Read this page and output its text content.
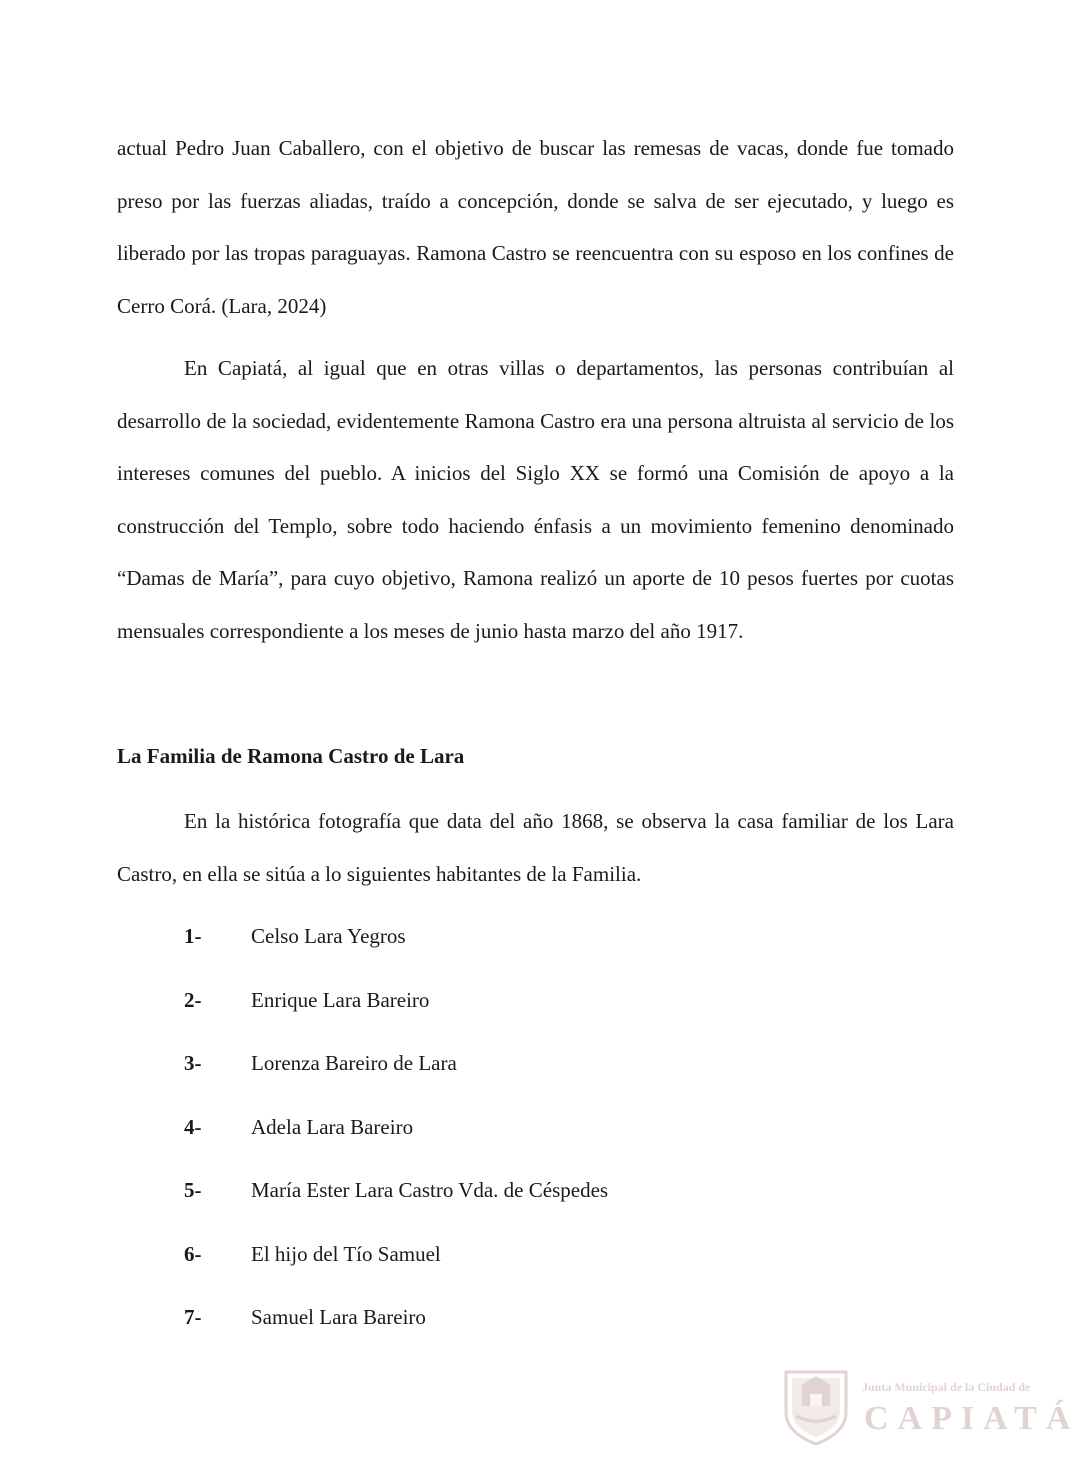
actual Pedro Juan Caballero, con el objetivo de buscar las remesas de vacas, donde fue tomado preso por las fuerzas aliadas, traído a concepción, donde se salva de ser ejecutado, y luego es liberado por las tropas paraguayas. Ramona Castro se reencuentra con su esposo en los confines de Cerro Corá. (Lara, 2024)

En Capiatá, al igual que en otras villas o departamentos, las personas contribuían al desarrollo de la sociedad, evidentemente Ramona Castro era una persona altruista al servicio de los intereses comunes del pueblo. A inicios del Siglo XX se formó una Comisión de apoyo a la construcción del Templo, sobre todo haciendo énfasis a un movimiento femenino denominado “Damas de María”, para cuyo objetivo, Ramona realizó un aporte de 10 pesos fuertes por cuotas mensuales correspondiente a los meses de junio hasta marzo del año 1917.

La Familia de Ramona Castro de Lara

En la histórica fotografía que data del año 1868, se observa la casa familiar de los Lara Castro, en ella se sitúa a lo siguientes habitantes de la Familia.

1-	Celso Lara Yegros
2-	Enrique Lara Bareiro
3-	Lorenza Bareiro de Lara
4-	Adela Lara Bareiro
5-	María Ester Lara Castro Vda. de Céspedes
6-	El hijo del Tío Samuel
7-	Samuel Lara Bareiro
Junta Municipal de la Ciudad de
CAPIATÁ
